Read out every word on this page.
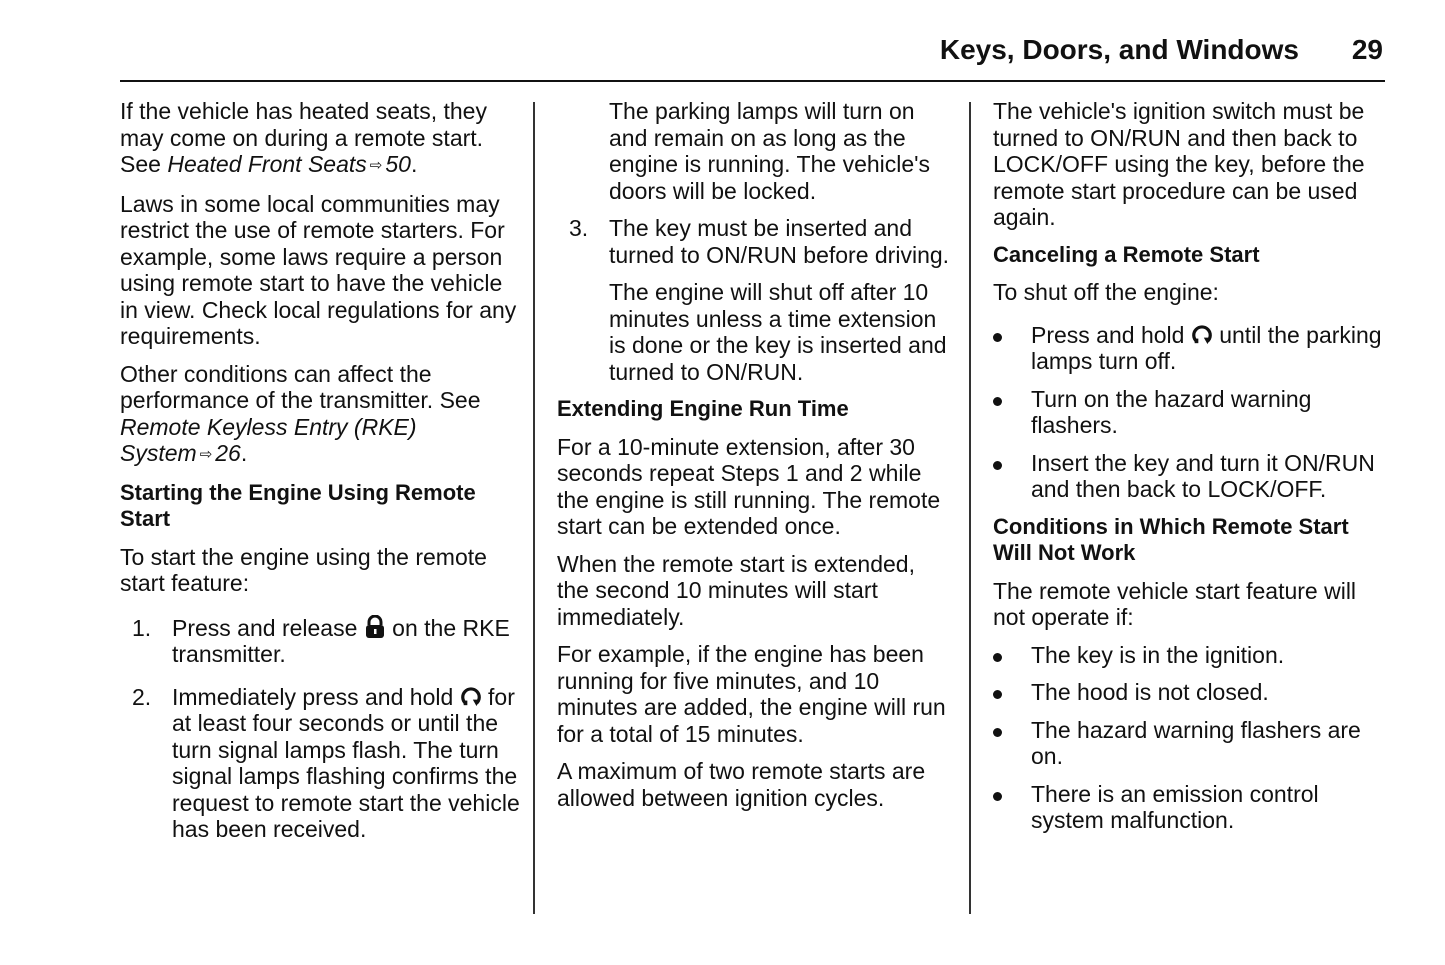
Keys, Doors, and Windows 29

If the vehicle has heated seats, they may come on during a remote start. See Heated Front Seats ⇨ 50.

Laws in some local communities may restrict the use of remote starters. For example, some laws require a person using remote start to have the vehicle in view. Check local regulations for any requirements.

Other conditions can affect the performance of the transmitter. See Remote Keyless Entry (RKE) System ⇨ 26.

Starting the Engine Using Remote Start

To start the engine using the remote start feature:

1. Press and release  on the RKE transmitter.
2. Immediately press and hold  for at least four seconds or until the turn signal lamps flash. The turn signal lamps flashing confirms the request to remote start the vehicle has been received.

The parking lamps will turn on and remain on as long as the engine is running. The vehicle's doors will be locked.

3. The key must be inserted and turned to ON/RUN before driving.

The engine will shut off after 10 minutes unless a time extension is done or the key is inserted and turned to ON/RUN.

Extending Engine Run Time

For a 10-minute extension, after 30 seconds repeat Steps 1 and 2 while the engine is still running. The remote start can be extended once.

When the remote start is extended, the second 10 minutes will start immediately.

For example, if the engine has been running for five minutes, and 10 minutes are added, the engine will run for a total of 15 minutes.

A maximum of two remote starts are allowed between ignition cycles.

The vehicle's ignition switch must be turned to ON/RUN and then back to LOCK/OFF using the key, before the remote start procedure can be used again.

Canceling a Remote Start

To shut off the engine:

Press and hold  until the parking lamps turn off.
Turn on the hazard warning flashers.
Insert the key and turn it ON/RUN and then back to LOCK/OFF.
Conditions in Which Remote Start Will Not Work

The remote vehicle start feature will not operate if:

The key is in the ignition.
The hood is not closed.
The hazard warning flashers are on.
There is an emission control system malfunction.
